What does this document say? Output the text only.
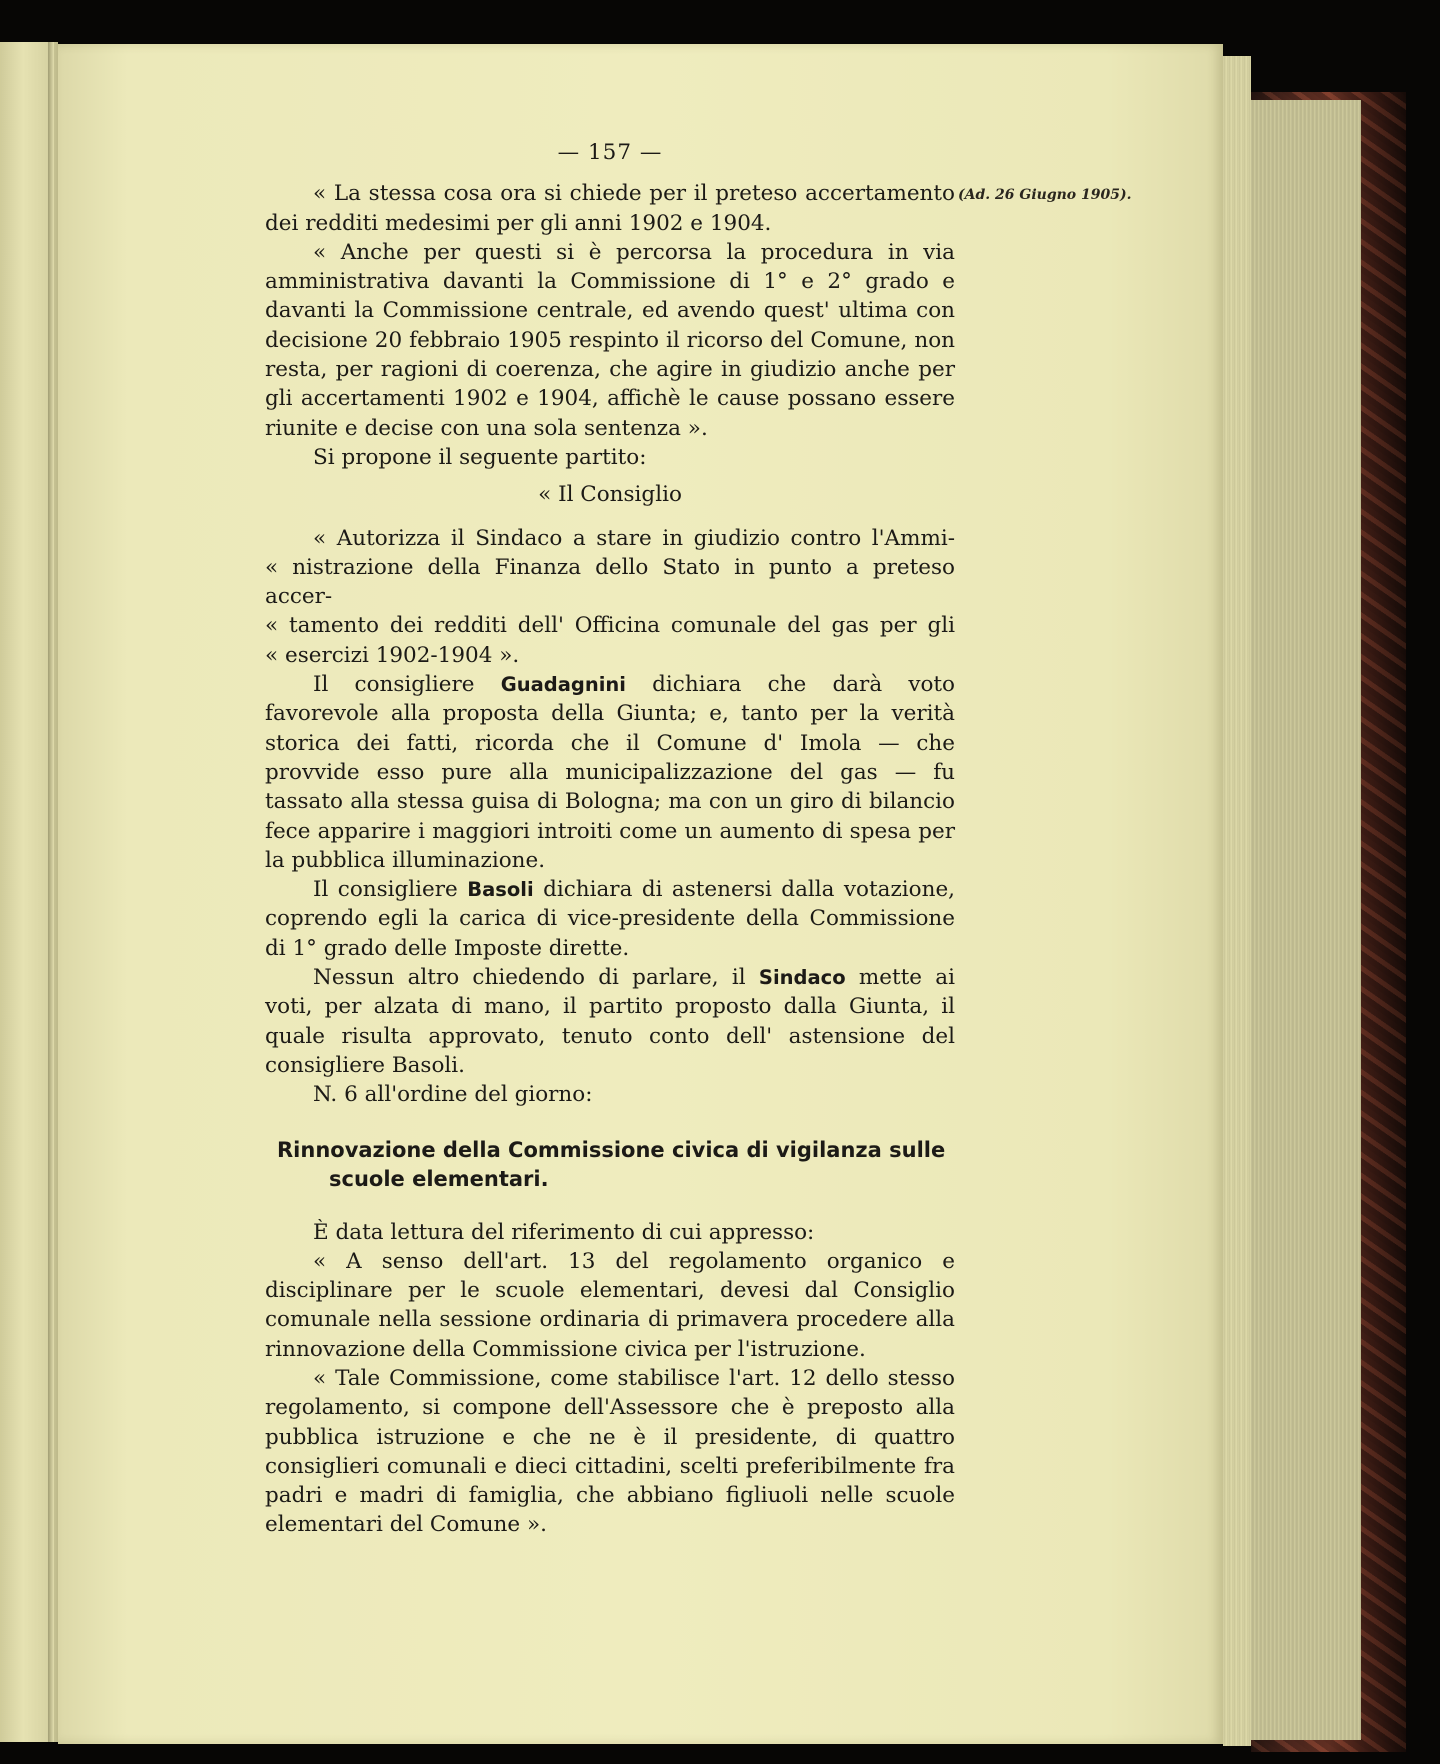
(Ad. 26 Giugno 1905).
— 157 —

« La stessa cosa ora si chiede per il preteso accertamento dei redditi medesimi per gli anni 1902 e 1904.

« Anche per questi si è percorsa la procedura in via amministrativa davanti la Commissione di 1° e 2° grado e davanti la Commissione centrale, ed avendo quest' ultima con decisione 20 febbraio 1905 respinto il ricorso del Comune, non resta, per ragioni di coerenza, che agire in giudizio anche per gli accertamenti 1902 e 1904, affichè le cause possano essere riunite e decise con una sola sentenza ».

Si propone il seguente partito:

« Il Consiglio
« Autorizza il Sindaco a stare in giudizio contro l'Ammi-
« nistrazione della Finanza dello Stato in punto a preteso accer-
« tamento dei redditi dell' Officina comunale del gas per gli
« esercizi 1902-1904 ».

Il consigliere Guadagnini dichiara che darà voto favorevole alla proposta della Giunta; e, tanto per la verità storica dei fatti, ricorda che il Comune d' Imola — che provvide esso pure alla municipalizzazione del gas — fu tassato alla stessa guisa di Bologna; ma con un giro di bilancio fece apparire i maggiori introiti come un aumento di spesa per la pubblica illuminazione.

Il consigliere Basoli dichiara di astenersi dalla votazione, coprendo egli la carica di vice-presidente della Commissione di 1° grado delle Imposte dirette.

Nessun altro chiedendo di parlare, il Sindaco mette ai voti, per alzata di mano, il partito proposto dalla Giunta, il quale risulta approvato, tenuto conto dell' astensione del consigliere Basoli.

N. 6 all'ordine del giorno:

Rinnovazione della Commissione civica di vigilanza sulle scuole elementari.

È data lettura del riferimento di cui appresso:

« A senso dell'art. 13 del regolamento organico e disciplinare per le scuole elementari, devesi dal Consiglio comunale nella sessione ordinaria di primavera procedere alla rinnovazione della Commissione civica per l'istruzione.

« Tale Commissione, come stabilisce l'art. 12 dello stesso regolamento, si compone dell'Assessore che è preposto alla pubblica istruzione e che ne è il presidente, di quattro consiglieri comunali e dieci cittadini, scelti preferibilmente fra padri e madri di famiglia, che abbiano figliuoli nelle scuole elementari del Comune ».
